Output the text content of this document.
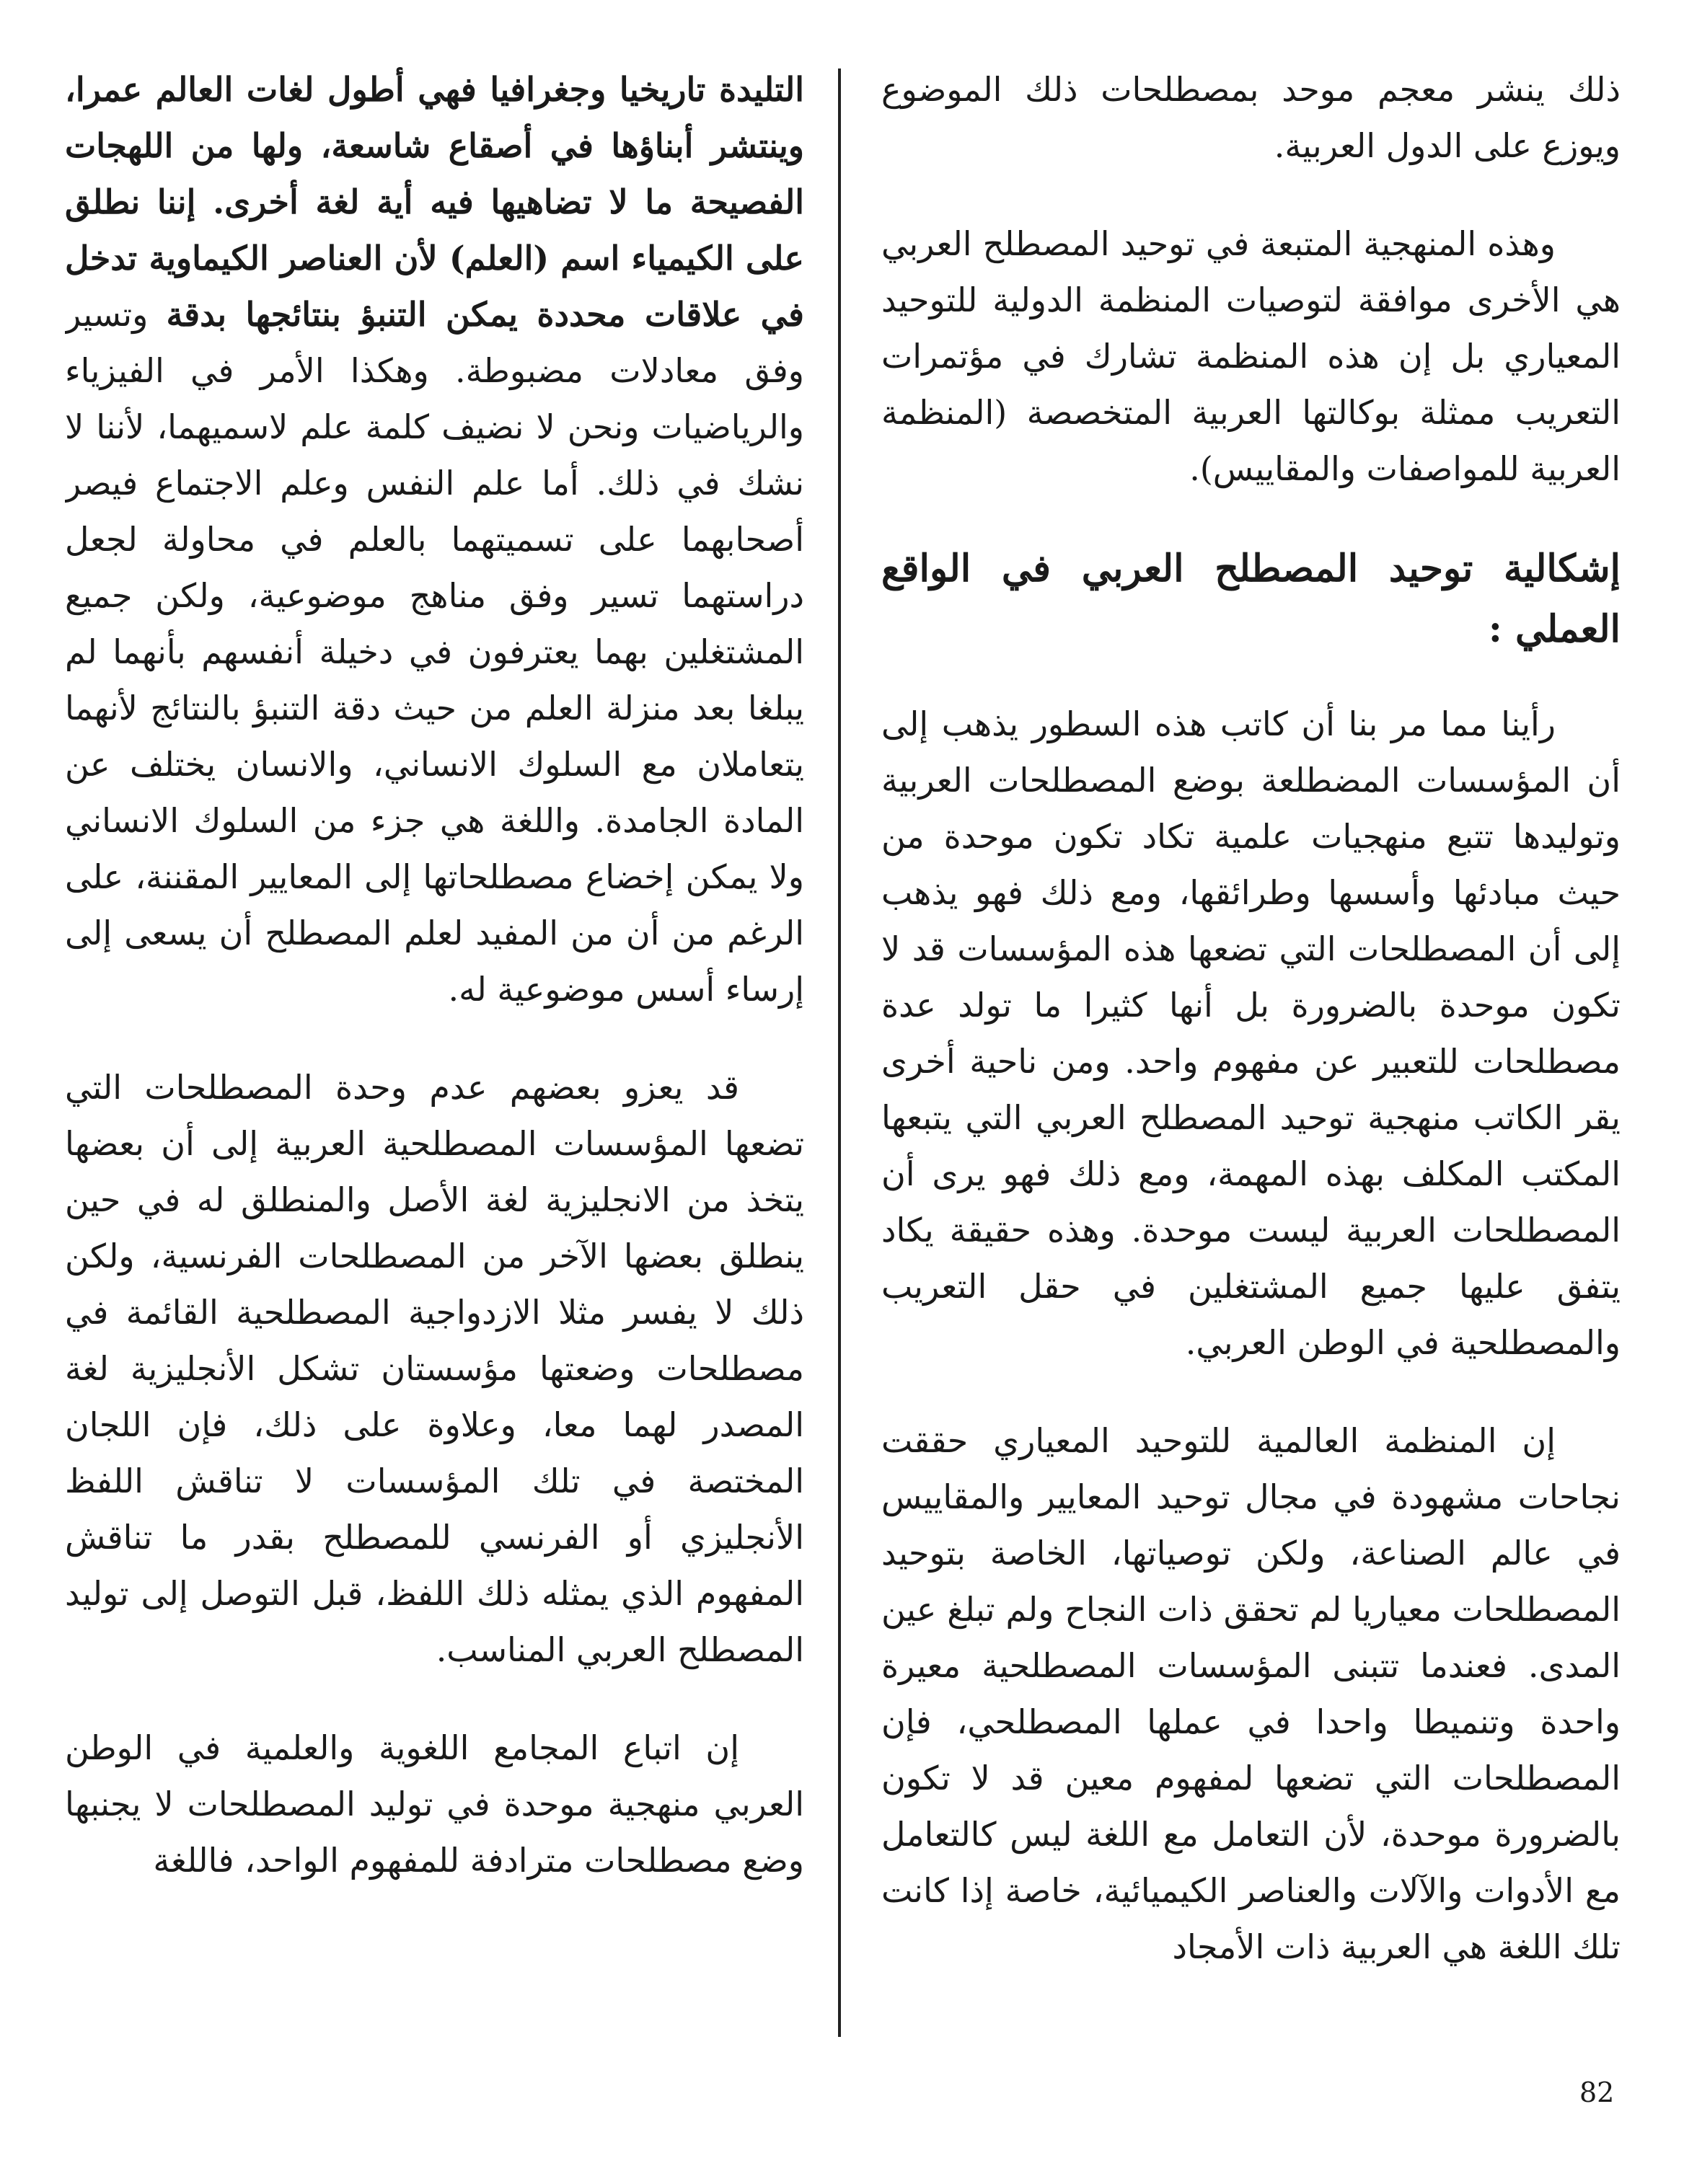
ذلك ينشر معجم موحد بمصطلحات ذلك الموضوع ويوزع على الدول العربية.

وهذه المنهجية المتبعة في توحيد المصطلح العربي هي الأخرى موافقة لتوصيات المنظمة الدولية للتوحيد المعياري بل إن هذه المنظمة تشارك في مؤتمرات التعريب ممثلة بوكالتها العربية المتخصصة (المنظمة العربية للمواصفات والمقاييس).

إشكالية توحيد المصطلح العربي في الواقع العملي :

رأينا مما مر بنا أن كاتب هذه السطور يذهب إلى أن المؤسسات المضطلعة بوضع المصطلحات العربية وتوليدها تتبع منهجيات علمية تكاد تكون موحدة من حيث مبادئها وأسسها وطرائقها، ومع ذلك فهو يذهب إلى أن المصطلحات التي تضعها هذه المؤسسات قد لا تكون موحدة بالضرورة بل أنها كثيرا ما تولد عدة مصطلحات للتعبير عن مفهوم واحد. ومن ناحية أخرى يقر الكاتب منهجية توحيد المصطلح العربي التي يتبعها المكتب المكلف بهذه المهمة، ومع ذلك فهو يرى أن المصطلحات العربية ليست موحدة. وهذه حقيقة يكاد يتفق عليها جميع المشتغلين في حقل التعريب والمصطلحية في الوطن العربي.

إن المنظمة العالمية للتوحيد المعياري حققت نجاحات مشهودة في مجال توحيد المعايير والمقاييس في عالم الصناعة، ولكن توصياتها، الخاصة بتوحيد المصطلحات معياريا لم تحقق ذات النجاح ولم تبلغ عين المدى. فعندما تتبنى المؤسسات المصطلحية معيرة واحدة وتنميطا واحدا في عملها المصطلحي، فإن المصطلحات التي تضعها لمفهوم معين قد لا تكون بالضرورة موحدة، لأن التعامل مع اللغة ليس كالتعامل مع الأدوات والآلات والعناصر الكيميائية، خاصة إذا كانت تلك اللغة هي العربية ذات الأمجاد

التليدة تاريخيا وجغرافيا فهي أطول لغات العالم عمرا، وينتشر أبناؤها في أصقاع شاسعة، ولها من اللهجات الفصيحة ما لا تضاهيها فيه أية لغة أخرى. إننا نطلق على الكيمياء اسم (العلم) لأن العناصر الكيماوية تدخل في علاقات محددة يمكن التنبؤ بنتائجها بدقة وتسير وفق معادلات مضبوطة. وهكذا الأمر في الفيزياء والرياضيات ونحن لا نضيف كلمة علم لاسميهما، لأننا لا نشك في ذلك. أما علم النفس وعلم الاجتماع فيصر أصحابهما على تسميتهما بالعلم في محاولة لجعل دراستهما تسير وفق مناهج موضوعية، ولكن جميع المشتغلين بهما يعترفون في دخيلة أنفسهم بأنهما لم يبلغا بعد منزلة العلم من حيث دقة التنبؤ بالنتائج لأنهما يتعاملان مع السلوك الانساني، والانسان يختلف عن المادة الجامدة. واللغة هي جزء من السلوك الانساني ولا يمكن إخضاع مصطلحاتها إلى المعايير المقننة، على الرغم من أن من المفيد لعلم المصطلح أن يسعى إلى إرساء أسس موضوعية له.

قد يعزو بعضهم عدم وحدة المصطلحات التي تضعها المؤسسات المصطلحية العربية إلى أن بعضها يتخذ من الانجليزية لغة الأصل والمنطلق له في حين ينطلق بعضها الآخر من المصطلحات الفرنسية، ولكن ذلك لا يفسر مثلا الازدواجية المصطلحية القائمة في مصطلحات وضعتها مؤسستان تشكل الأنجليزية لغة المصدر لهما معا، وعلاوة على ذلك، فإن اللجان المختصة في تلك المؤسسات لا تناقش اللفظ الأنجليزي أو الفرنسي للمصطلح بقدر ما تناقش المفهوم الذي يمثله ذلك اللفظ، قبل التوصل إلى توليد المصطلح العربي المناسب.

إن اتباع المجامع اللغوية والعلمية في الوطن العربي منهجية موحدة في توليد المصطلحات لا يجنبها وضع مصطلحات مترادفة للمفهوم الواحد، فاللغة

82
